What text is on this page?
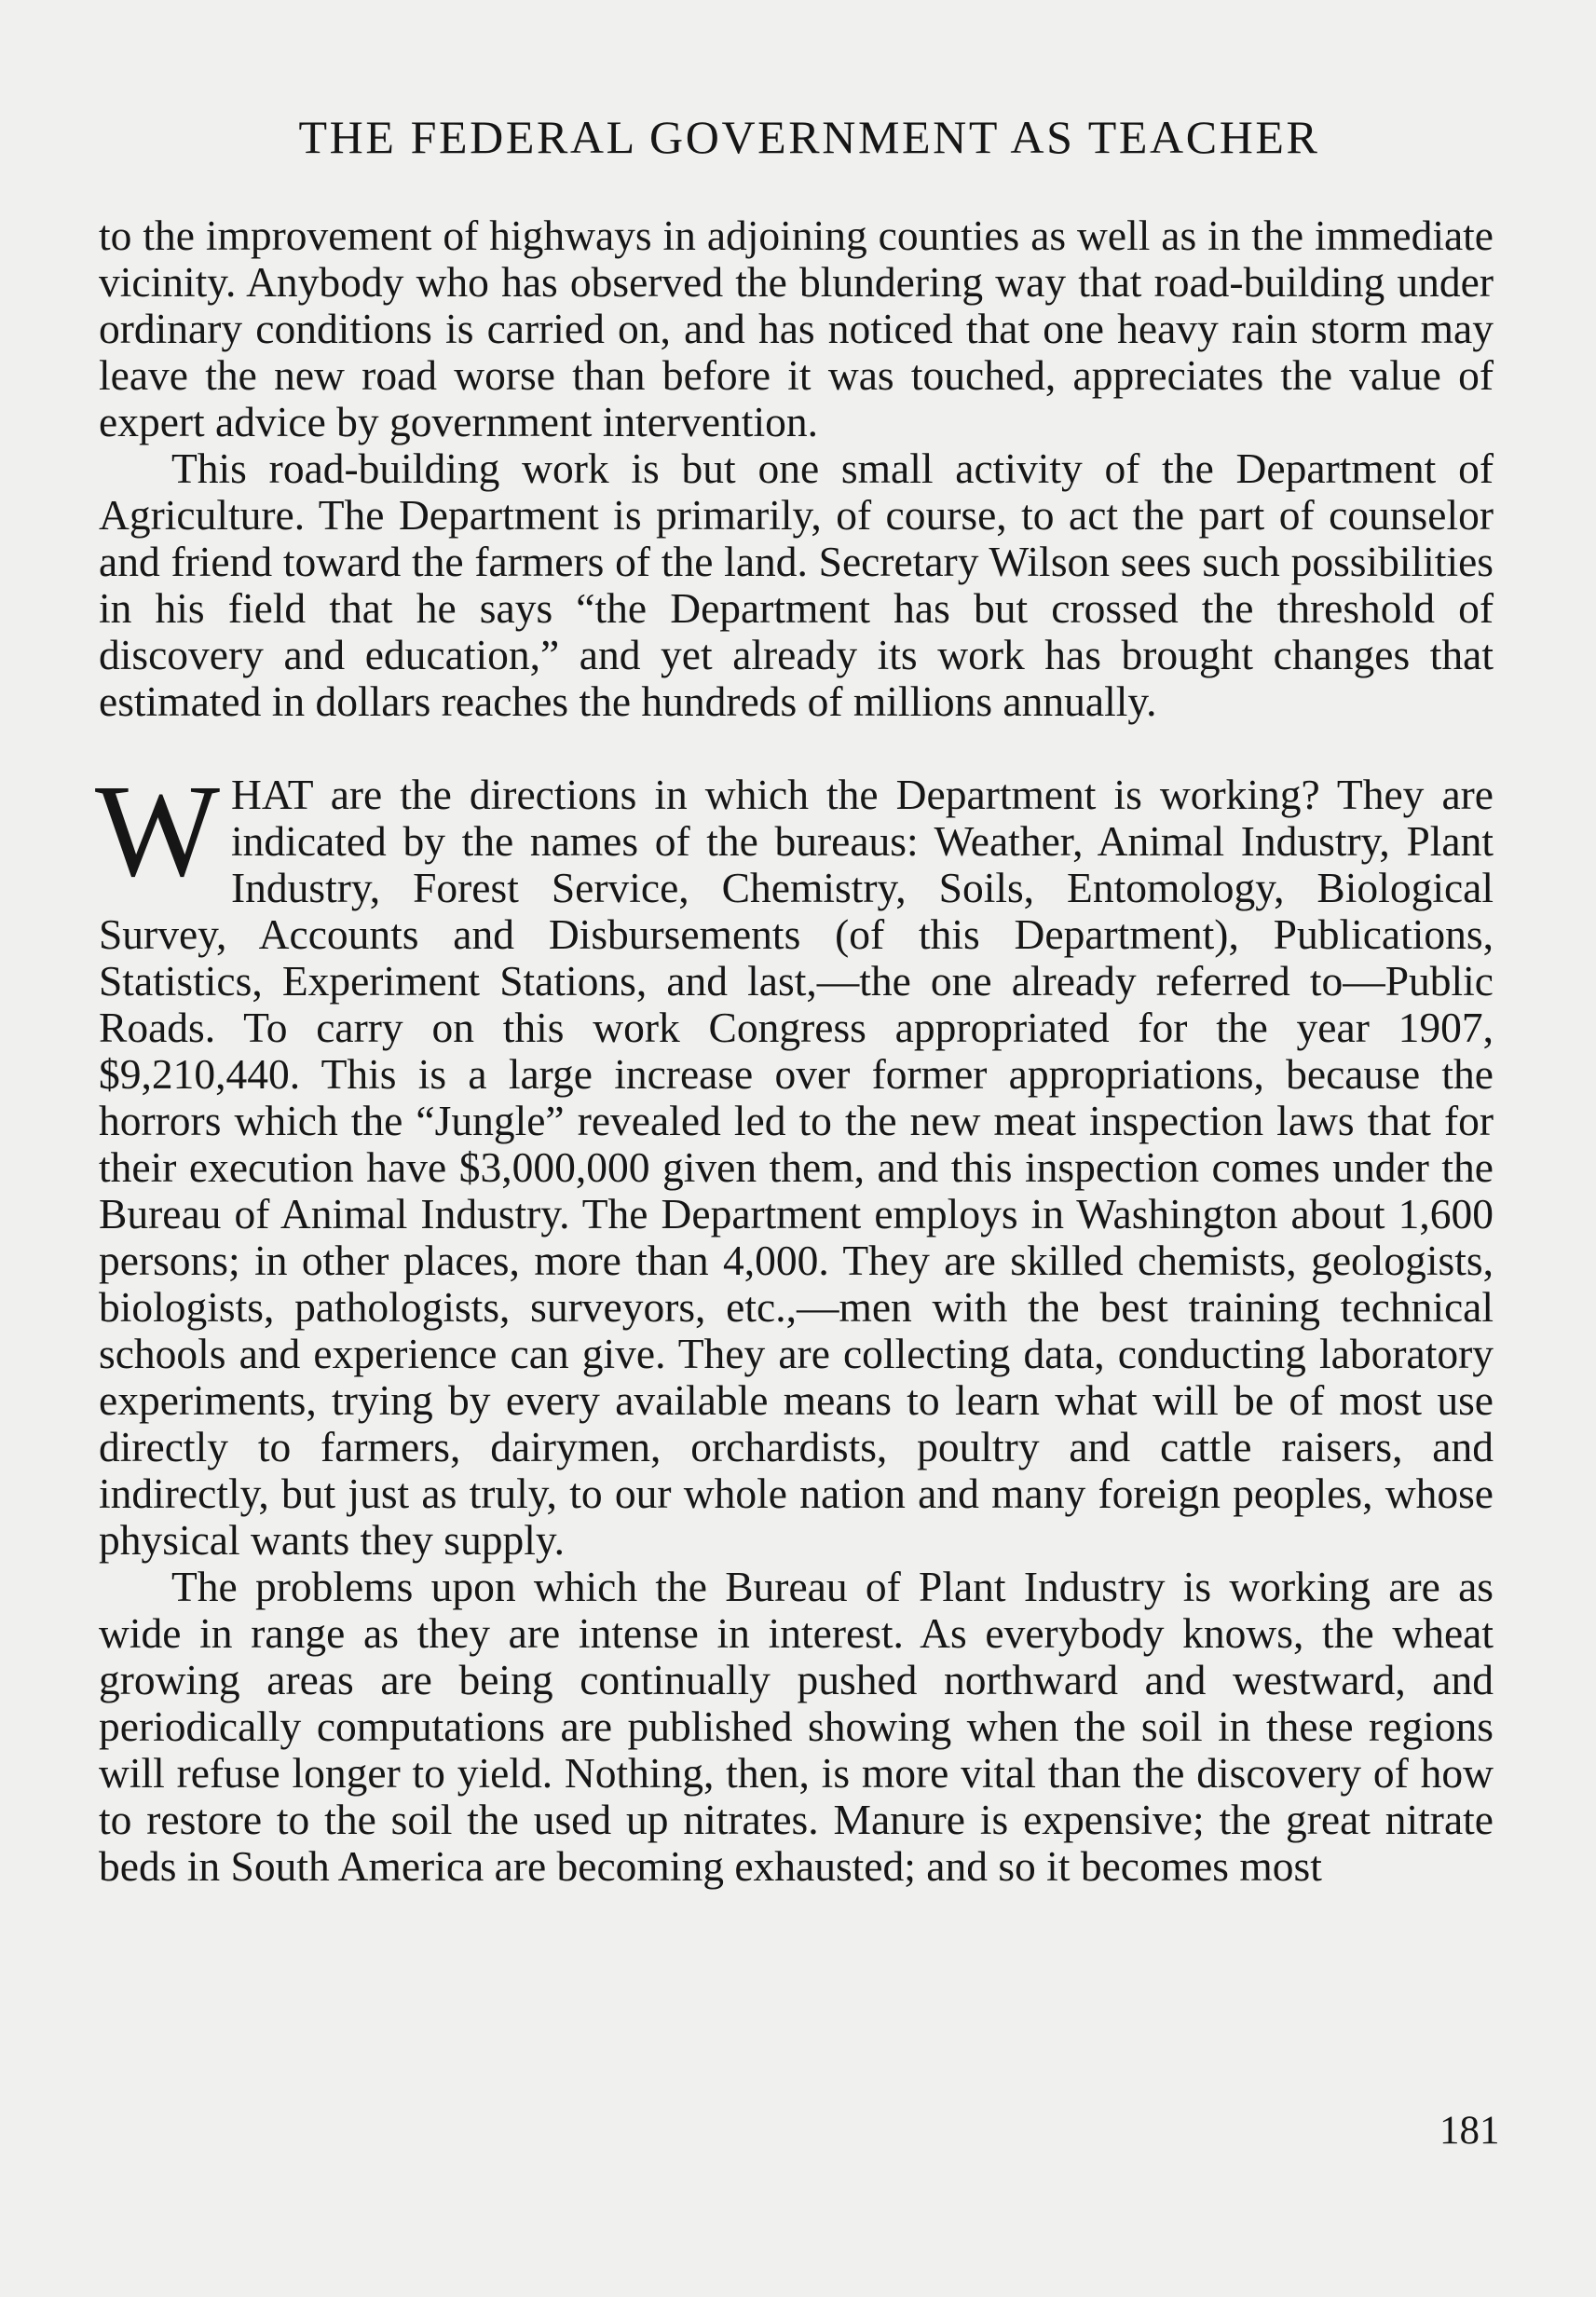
THE FEDERAL GOVERNMENT AS TEACHER

to the improvement of highways in adjoining counties as well as in the immediate vicinity. Anybody who has observed the blundering way that road-building under ordinary conditions is carried on, and has noticed that one heavy rain storm may leave the new road worse than before it was touched, appreciates the value of expert advice by government intervention.

This road-building work is but one small activity of the Department of Agriculture. The Department is primarily, of course, to act the part of counselor and friend toward the farmers of the land. Secretary Wilson sees such possibilities in his field that he says “the Department has but crossed the threshold of discovery and education,” and yet already its work has brought changes that estimated in dollars reaches the hundreds of millions annually.

WHAT are the directions in which the Department is working? They are indicated by the names of the bureaus: Weather, Animal Industry, Plant Industry, Forest Service, Chemistry, Soils, Entomology, Biological Survey, Accounts and Disbursements (of this Department), Publications, Statistics, Experiment Stations, and last,—the one already referred to—Public Roads. To carry on this work Congress appropriated for the year 1907, $9,210,440. This is a large increase over former appropriations, because the horrors which the “Jungle” revealed led to the new meat inspection laws that for their execution have $3,000,000 given them, and this inspection comes under the Bureau of Animal Industry. The Department employs in Washington about 1,600 persons; in other places, more than 4,000. They are skilled chemists, geologists, biologists, pathologists, surveyors, etc.,—men with the best training technical schools and experience can give. They are collecting data, conducting laboratory experiments, trying by every available means to learn what will be of most use directly to farmers, dairymen, orchardists, poultry and cattle raisers, and indirectly, but just as truly, to our whole nation and many foreign peoples, whose physical wants they supply.

The problems upon which the Bureau of Plant Industry is working are as wide in range as they are intense in interest. As everybody knows, the wheat growing areas are being continually pushed northward and westward, and periodically computations are published showing when the soil in these regions will refuse longer to yield. Nothing, then, is more vital than the discovery of how to restore to the soil the used up nitrates. Manure is expensive; the great nitrate beds in South America are becoming exhausted; and so it becomes most

181
